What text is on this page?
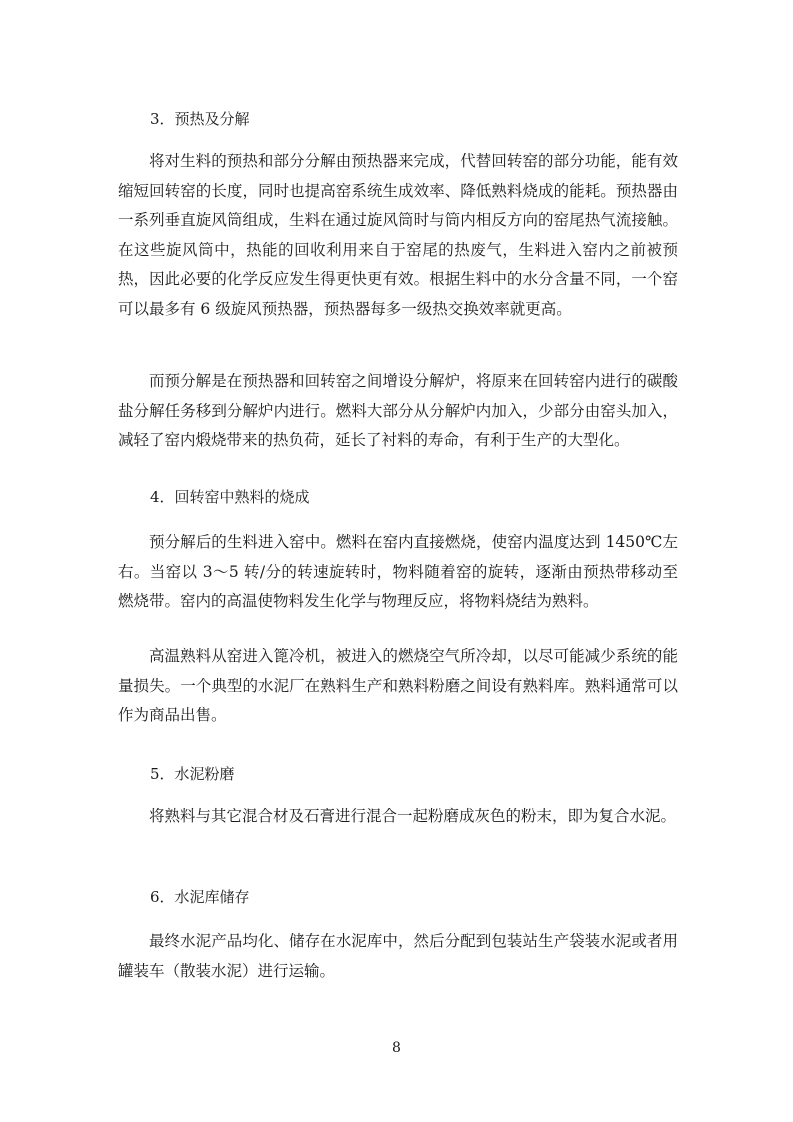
3．预热及分解
将对生料的预热和部分分解由预热器来完成，代替回转窑的部分功能，能有效缩短回转窑的长度，同时也提高窑系统生成效率、降低熟料烧成的能耗。预热器由一系列垂直旋风筒组成，生料在通过旋风筒时与筒内相反方向的窑尾热气流接触。在这些旋风筒中，热能的回收利用来自于窑尾的热废气，生料进入窑内之前被预热，因此必要的化学反应发生得更快更有效。根据生料中的水分含量不同，一个窑可以最多有 6 级旋风预热器，预热器每多一级热交换效率就更高。
而预分解是在预热器和回转窑之间增设分解炉，将原来在回转窑内进行的碳酸盐分解任务移到分解炉内进行。燃料大部分从分解炉内加入，少部分由窑头加入，减轻了窑内煅烧带来的热负荷，延长了衬料的寿命，有利于生产的大型化。
4．回转窑中熟料的烧成
预分解后的生料进入窑中。燃料在窑内直接燃烧，使窑内温度达到 1450℃左右。当窑以 3～5 转/分的转速旋转时，物料随着窑的旋转，逐渐由预热带移动至燃烧带。窑内的高温使物料发生化学与物理反应，将物料烧结为熟料。
高温熟料从窑进入篦冷机，被进入的燃烧空气所冷却，以尽可能减少系统的能量损失。一个典型的水泥厂在熟料生产和熟料粉磨之间设有熟料库。熟料通常可以作为商品出售。
5．水泥粉磨
将熟料与其它混合材及石膏进行混合一起粉磨成灰色的粉末，即为复合水泥。
6．水泥库储存
最终水泥产品均化、储存在水泥库中，然后分配到包装站生产袋装水泥或者用罐装车（散装水泥）进行运输。
8
